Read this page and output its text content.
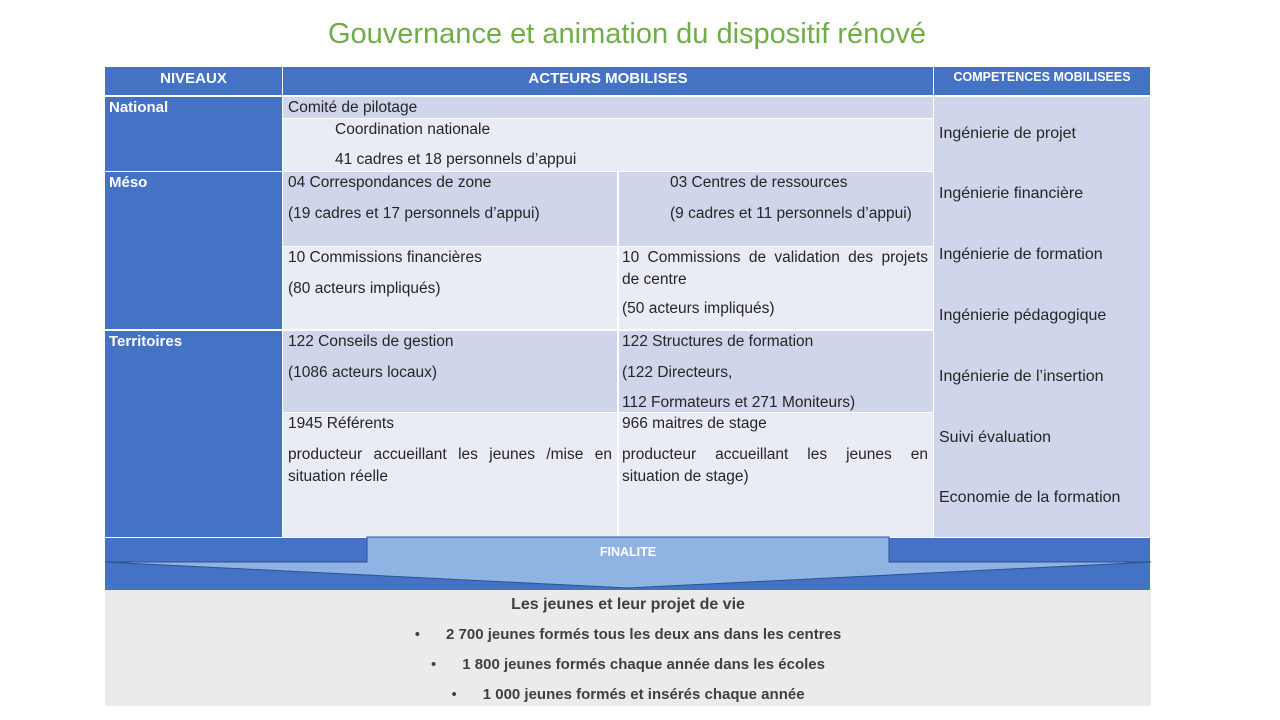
Gouvernance et animation du dispositif rénové
NIVEAUX	ACTEURS MOBILISES	COMPETENCES MOBILISEES
National
Méso
Territoires
Comité de pilotage

Coordination nationale

41 cadres et 18 personnels d’appui

04 Correspondances de zone

(19 cadres et 17 personnels d’appui)

03 Centres de ressources

(9 cadres et 11 personnels d’appui)

10 Commissions financières

(80 acteurs impliqués)

10 Commissions de validation des projets de centre

(50 acteurs impliqués)

122 Conseils de gestion

(1086 acteurs locaux)

122 Structures de formation

(122 Directeurs,

112 Formateurs et 271 Moniteurs)

1945 Référents

producteur accueillant les jeunes /mise en situation réelle

966 maitres de stage

producteur accueillant les jeunes en situation de stage)

Ingénierie de projet
Ingénierie financière
Ingénierie de formation
Ingénierie pédagogique
Ingénierie de l’insertion
Suivi évaluation
Economie de la formation
FINALITE
Les jeunes et leur projet de vie
• 2 700 jeunes formés tous les deux ans dans les centres
• 1 800 jeunes formés chaque année dans les écoles
• 1 000 jeunes formés et insérés chaque année
